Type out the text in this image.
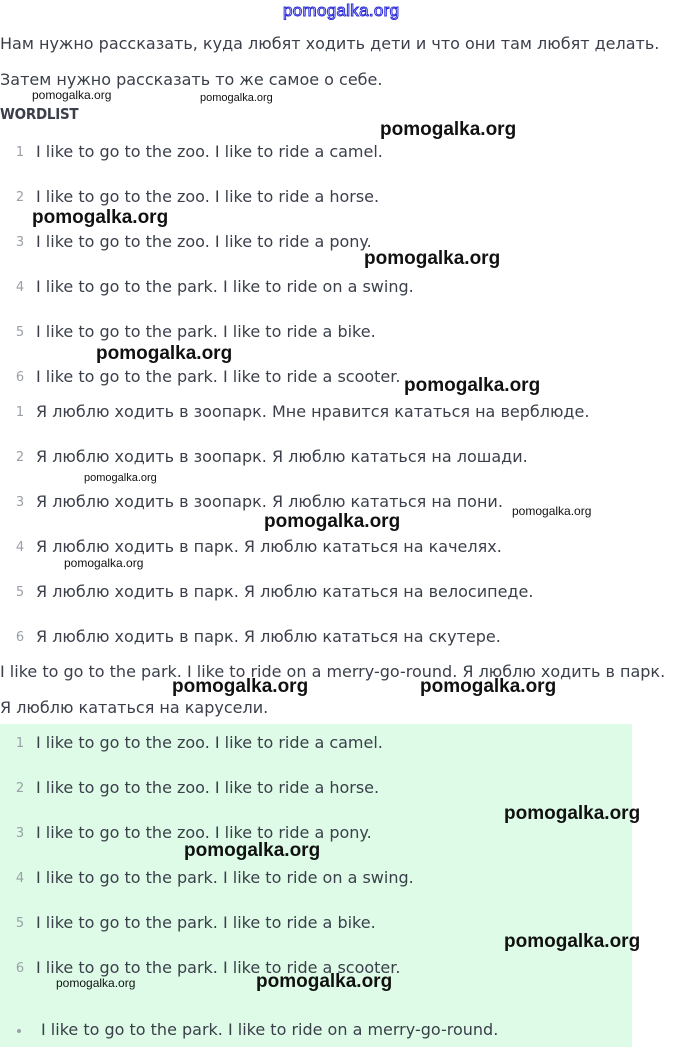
pomogalka.org
Нам нужно рассказать, куда любят ходить дети и что они там любят делать.
Затем нужно рассказать то же самое о себе.
WORDLIST
1 I like to go to the zoo. I like to ride a camel.
2 I like to go to the zoo. I like to ride a horse.
3 I like to go to the zoo. I like to ride a pony.
4 I like to go to the park. I like to ride on a swing.
5 I like to go to the park. I like to ride a bike.
6 I like to go to the park. I like to ride a scooter.
1 Я люблю ходить в зоопарк. Мне нравится кататься на верблюде.
2 Я люблю ходить в зоопарк. Я люблю кататься на лошади.
3 Я люблю ходить в зоопарк. Я люблю кататься на пони.
4 Я люблю ходить в парк. Я люблю кататься на качелях.
5 Я люблю ходить в парк. Я люблю кататься на велосипеде.
6 Я люблю ходить в парк. Я люблю кататься на скутере.
I like to go to the park. I like to ride on a merry-go-round. Я люблю ходить в парк.
Я люблю кататься на карусели.
1 I like to go to the zoo. I like to ride a camel.
2 I like to go to the zoo. I like to ride a horse.
3 I like to go to the zoo. I like to ride a pony.
4 I like to go to the park. I like to ride on a swing.
5 I like to go to the park. I like to ride a bike.
6 I like to go to the park. I like to ride a scooter.
I like to go to the park. I like to ride on a merry-go-round.
pomogalka.org	pomogalka.org
pomogalka.org
pomogalka.org
pomogalka.org
pomogalka.org
pomogalka.org
pomogalka.org
pomogalka.org
pomogalka.org
pomogalka.org
pomogalka.org	pomogalka.org
pomogalka.org
pomogalka.org
pomogalka.org
pomogalka.org	pomogalka.org
